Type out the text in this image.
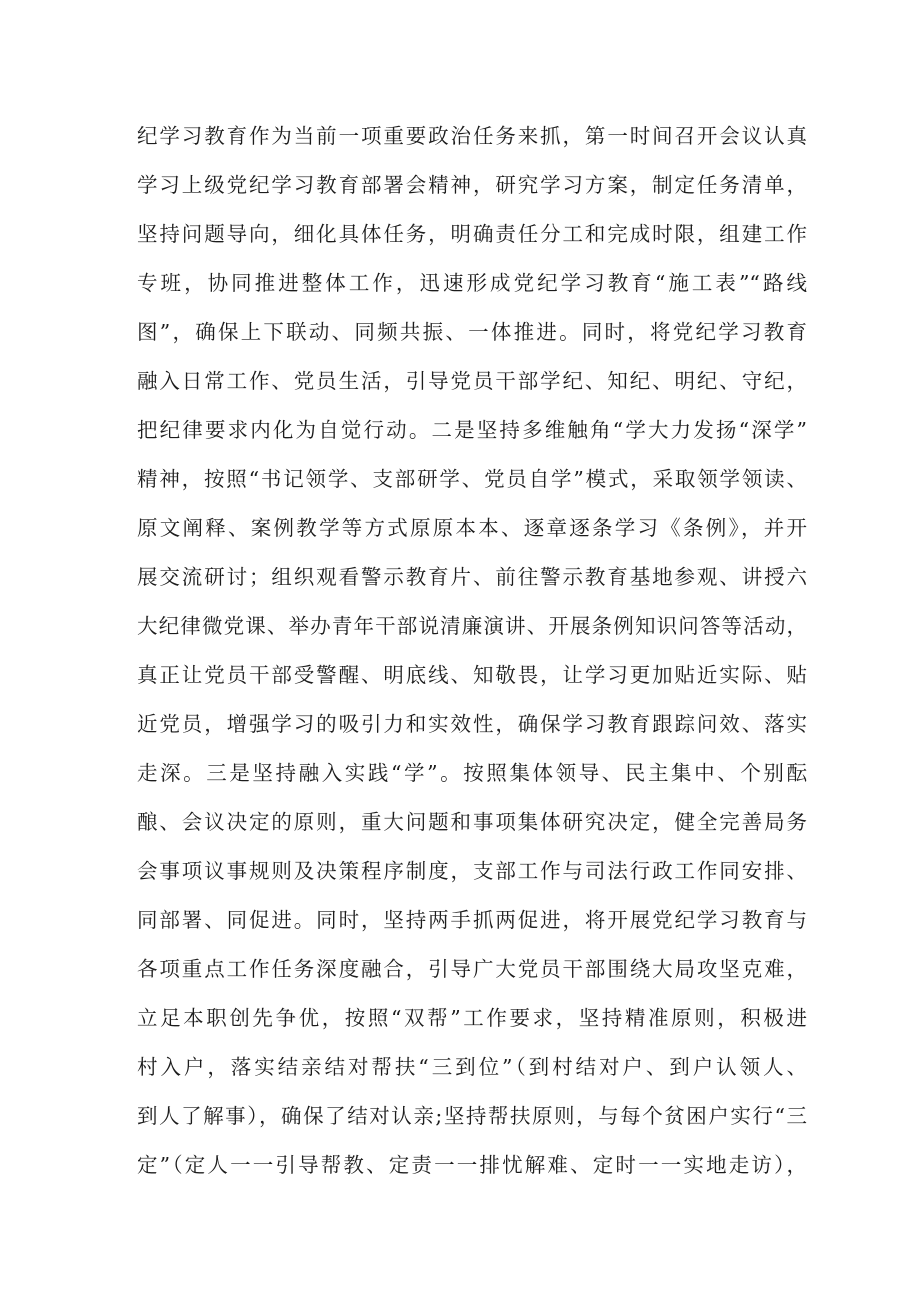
纪学习教育作为当前一项重要政治任务来抓，第一时间召开会议认真
学习上级党纪学习教育部署会精神，研究学习方案，制定任务清单，
坚持问题导向，细化具体任务，明确责任分工和完成时限，组建工作
专班，协同推进整体工作，迅速形成党纪学习教育“施工表”“路线
图”，确保上下联动、同频共振、一体推进。同时，将党纪学习教育
融入日常工作、党员生活，引导党员干部学纪、知纪、明纪、守纪，
把纪律要求内化为自觉行动。二是坚持多维触角“学大力发扬“深学”
精神，按照“书记领学、支部研学、党员自学”模式，采取领学领读、
原文阐释、案例教学等方式原原本本、逐章逐条学习《条例》，并开
展交流研讨；组织观看警示教育片、前往警示教育基地参观、讲授六
大纪律微党课、举办青年干部说清廉演讲、开展条例知识问答等活动，
真正让党员干部受警醒、明底线、知敬畏，让学习更加贴近实际、贴
近党员，增强学习的吸引力和实效性，确保学习教育跟踪问效、落实
走深。三是坚持融入实践“学”。按照集体领导、民主集中、个别酝
酿、会议决定的原则，重大问题和事项集体研究决定，健全完善局务
会事项议事规则及决策程序制度，支部工作与司法行政工作同安排、
同部署、同促进。同时，坚持两手抓两促进，将开展党纪学习教育与
各项重点工作任务深度融合，引导广大党员干部围绕大局攻坚克难，
立足本职创先争优，按照“双帮”工作要求，坚持精准原则，积极进
村入户，落实结亲结对帮扶“三到位”（到村结对户、到户认领人、
到人了解事），确保了结对认亲;坚持帮扶原则，与每个贫困户实行“三
定”（定人一一引导帮教、定责一一排忧解难、定时一一实地走访），
